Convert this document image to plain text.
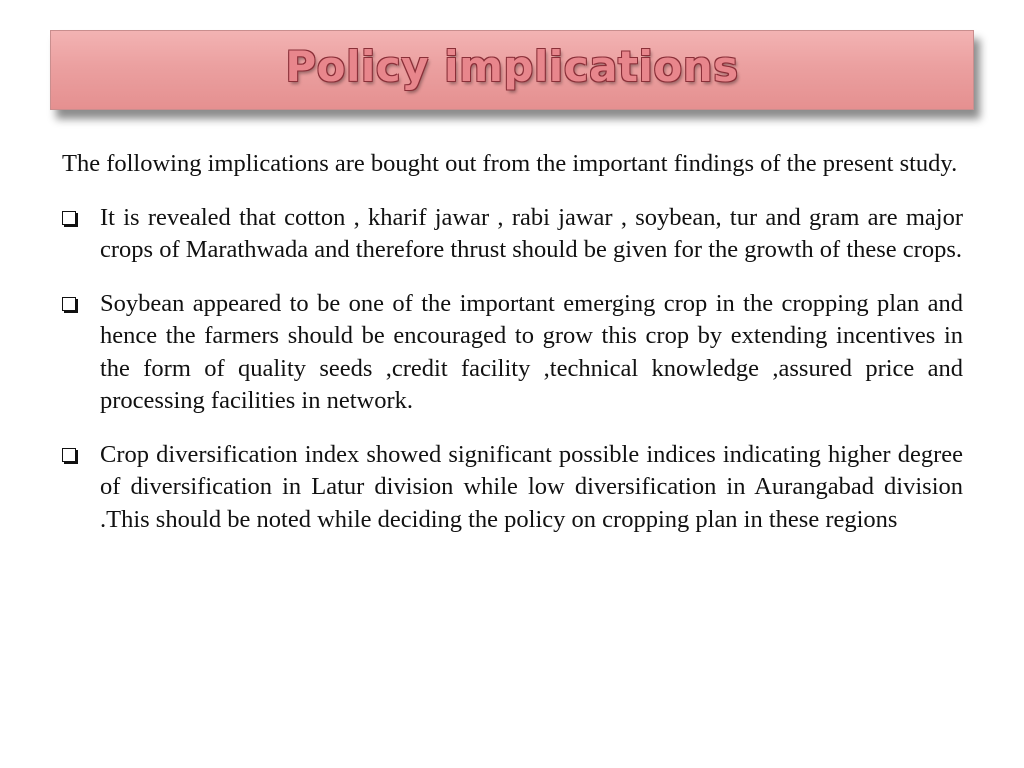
Policy implications

The following implications are bought out from the important findings of the present study.

It is revealed that cotton , kharif jawar , rabi jawar , soybean, tur and gram are major crops of Marathwada and therefore thrust should be given for the growth of these crops.
Soybean appeared to be one of the important emerging crop in the cropping plan and hence the farmers should be encouraged to grow this crop by extending incentives in the form of quality seeds ,credit facility ,technical knowledge ,assured price and processing facilities in network.
Crop diversification index showed significant possible indices indicating higher degree of diversification in Latur division while low diversification in Aurangabad division .This should be noted while deciding the policy on cropping plan in these regions
